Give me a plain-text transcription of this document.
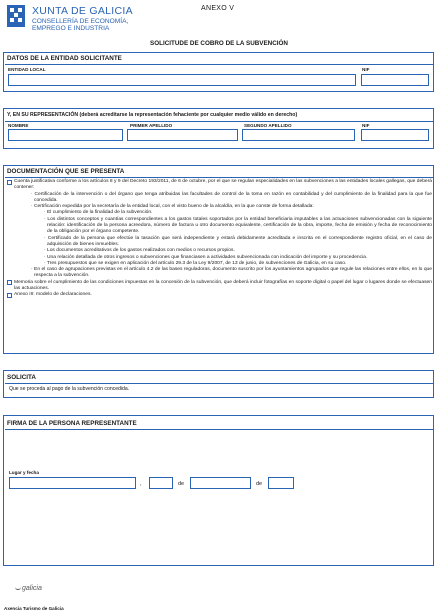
XUNTA DE GALICIA
CONSELLERÍA DE ECONOMÍA,
EMPREGO E INDUSTRIA
ANEXO V
SOLICITUDE DE COBRO DE LA SUBVENCIÓN
DATOS DE LA ENTIDAD SOLICITANTE
ENTIDAD LOCAL	NIF
Y, EN SU REPRESENTACIÓN (deberá acreditarse la representación fehaciente por cualquier medio válido en derecho)
NOMBRE	PRIMER APELLIDO	SEGUNDO APELLIDO	NIF
DOCUMENTACIÓN QUE SE PRESENTA
Cuenta justificativa conforme a los artículos 8 y 9 del Decreto 193/2011, de 6 de octubre, por el que se regulan especialidades en las subvenciones a las entidades locales gallegas, que deberá contener:
· Certificación de la intervención o del órgano que tenga atribuidas las facultades de control de la toma en razón en contabilidad y del cumplimiento de la finalidad para la que fue concedida.
· Certificación expedida por la secretaría de la entidad local, con el visto bueno de la alcaldía, en la que conste de forma detallada:
· El cumplimiento de la finalidad de la subvención.
· Los distintos conceptos y cuantías correspondientes a los gastos totales soportados por la entidad beneficiaria imputables a las actuaciones subvencionadas con la siguiente relación: identificación de la persona acreedora, número de factura u otro documento equivalente, certificación de la obra, importe, fecha de emisión y fecha de reconocimiento de la obligación por el órgano competente.
· Certificado de la persona que efectúe la tasación que será independiente y estará debidamente acreditada e inscrita en el correspondiente registro oficial, en el caso de adquisición de bienes inmuebles.
· Los documentos acreditativos de los gastos realizados con medios o recursos propios.
· Una relación detallada de otros ingresos o subvenciones que financiasen a actividades subvencionada con indicación del importe y su procedencia.
· Tres presupuestos que se exigen en aplicación del artículo 29.3 de la Ley 9/2007, de 13 de junio, de subvenciones de Galicia, en su caso.
· En el caso de agrupaciones previstas en el artículo 4.2 de las bases reguladoras, documento suscrito por los ayuntamientos agrupados que regule las relaciones entre ellos, en lo que respecta a la subvención.
Memoria sobre el cumplimiento de las condiciones impuestas en la concesión de la subvención, que deberá incluir fotografías en soporte digital o papel del lugar o lugares donde se efectuasen las actuaciones.
Anexo III: modelo de declaraciones.
SOLICITA
Que se proceda al pago de la subvención concedida.
FIRMA DE LA PERSONA REPRESENTANTE
Lugar y fecha
,	de	de
galicia
Axencia Turismo de Galicia
